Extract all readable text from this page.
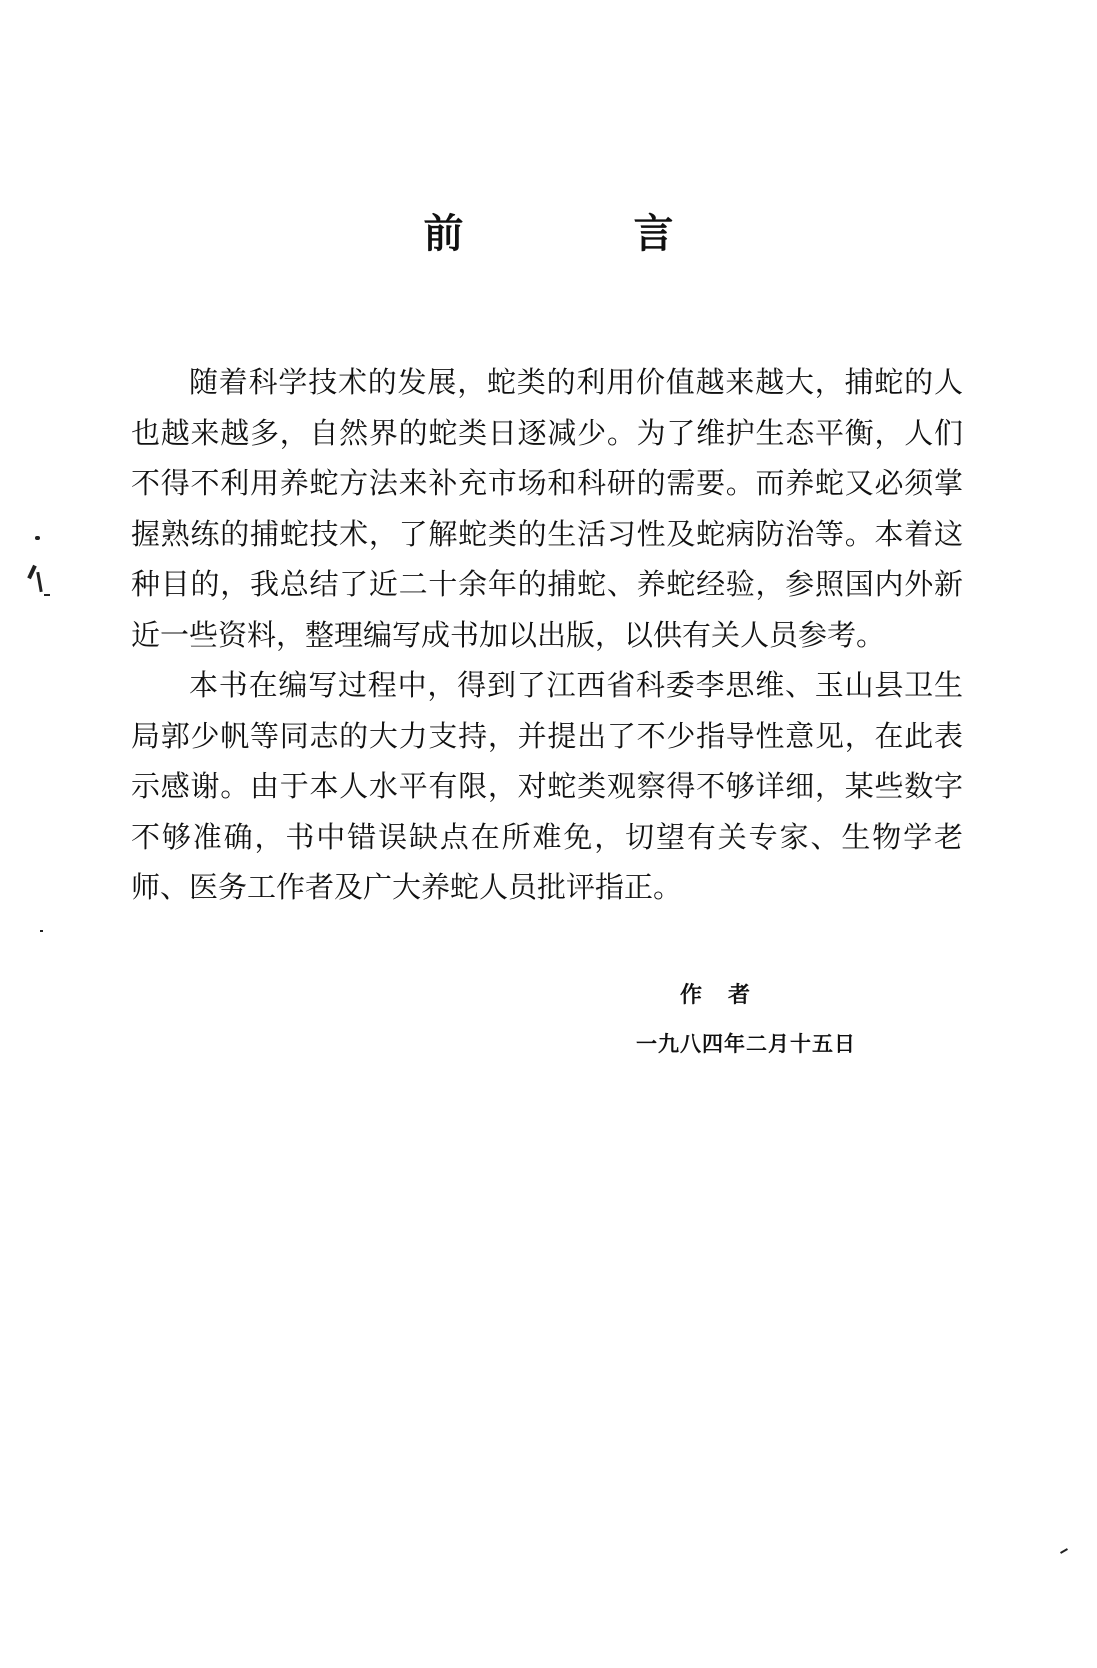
前 言

随着科学技术的发展，蛇类的利用价值越来越大，捕蛇的人也越来越多，自然界的蛇类日逐减少。为了维护生态平衡，人们不得不利用养蛇方法来补充市场和科研的需要。而养蛇又必须掌握熟练的捕蛇技术，了解蛇类的生活习性及蛇病防治等。本着这种目的，我总结了近二十余年的捕蛇、养蛇经验，参照国内外新近一些资料，整理编写成书加以出版，以供有关人员参考。

本书在编写过程中，得到了江西省科委李思维、玉山县卫生局郭少帆等同志的大力支持，并提出了不少指导性意见，在此表示感谢。由于本人水平有限，对蛇类观察得不够详细，某些数字不够准确，书中错误缺点在所难免，切望有关专家、生物学老师、医务工作者及广大养蛇人员批评指正。

作者
一九八四年二月十五日
